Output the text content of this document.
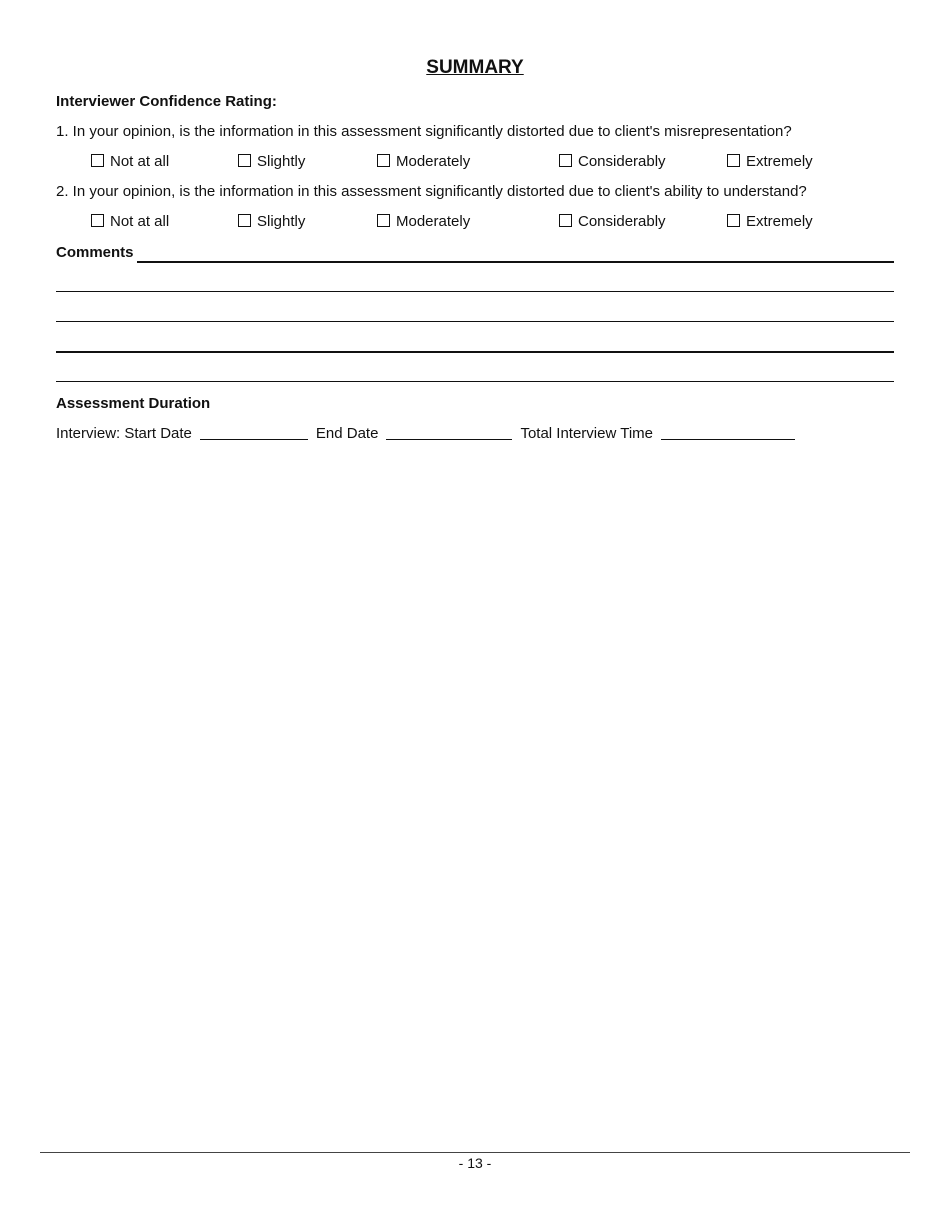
SUMMARY
Interviewer Confidence Rating:
1. In your opinion, is the information in this assessment significantly distorted due to client's misrepresentation?
Not at all	Slightly	Moderately	Considerably	Extremely
2. In your opinion, is the information in this assessment significantly distorted due to client's ability to understand?
Not at all	Slightly	Moderately	Considerably	Extremely
Comments
Assessment Duration
Interview: Start Date	End Date	Total Interview Time
- 13 -
